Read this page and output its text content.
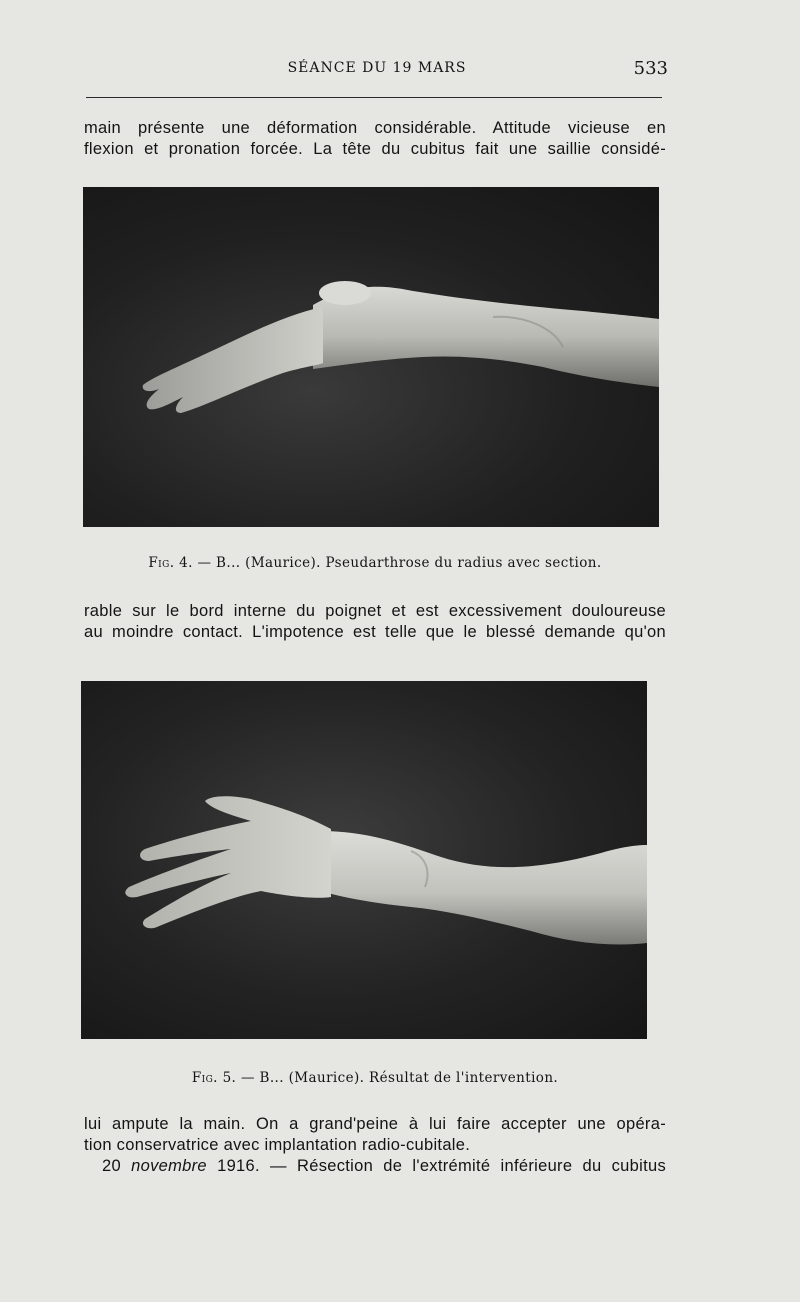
SÉANCE DU 19 MARS	533
main présente une déformation considérable. Attitude vicieuse en
flexion et pronation forcée. La tête du cubitus fait une saillie considé-
Fig. 4. — B... (Maurice). Pseudarthrose du radius avec section.
rable sur le bord interne du poignet et est excessivement douloureuse
au moindre contact. L'impotence est telle que le blessé demande qu'on
Fig. 5. — B... (Maurice). Résultat de l'intervention.
lui ampute la main. On a grand'peine à lui faire accepter une opéra-
tion conservatrice avec implantation radio-cubitale.
20 novembre 1916. — Résection de l'extrémité inférieure du cubitus
